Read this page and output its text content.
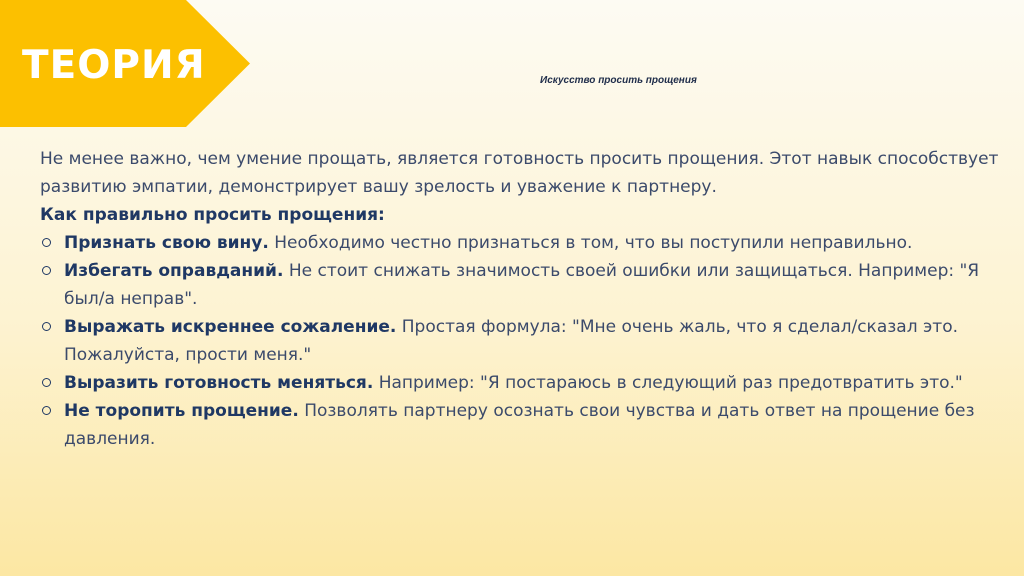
ТЕОРИЯ	Искусство просить прощения

Не менее важно, чем умение прощать, является готовность просить прощения. Этот навык способствует развитию эмпатии, демонстрирует вашу зрелость и уважение к партнеру.

Как правильно просить прощения:

Признать свою вину. Необходимо честно признаться в том, что вы поступили неправильно.
Избегать оправданий. Не стоит снижать значимость своей ошибки или защищаться. Например: "Я был/а неправ".
Выражать искреннее сожаление. Простая формула: "Мне очень жаль, что я сделал/сказал это. Пожалуйста, прости меня."
Выразить готовность меняться. Например: "Я постараюсь в следующий раз предотвратить это."
Не торопить прощение. Позволять партнеру осознать свои чувства и дать ответ на прощение без давления.
